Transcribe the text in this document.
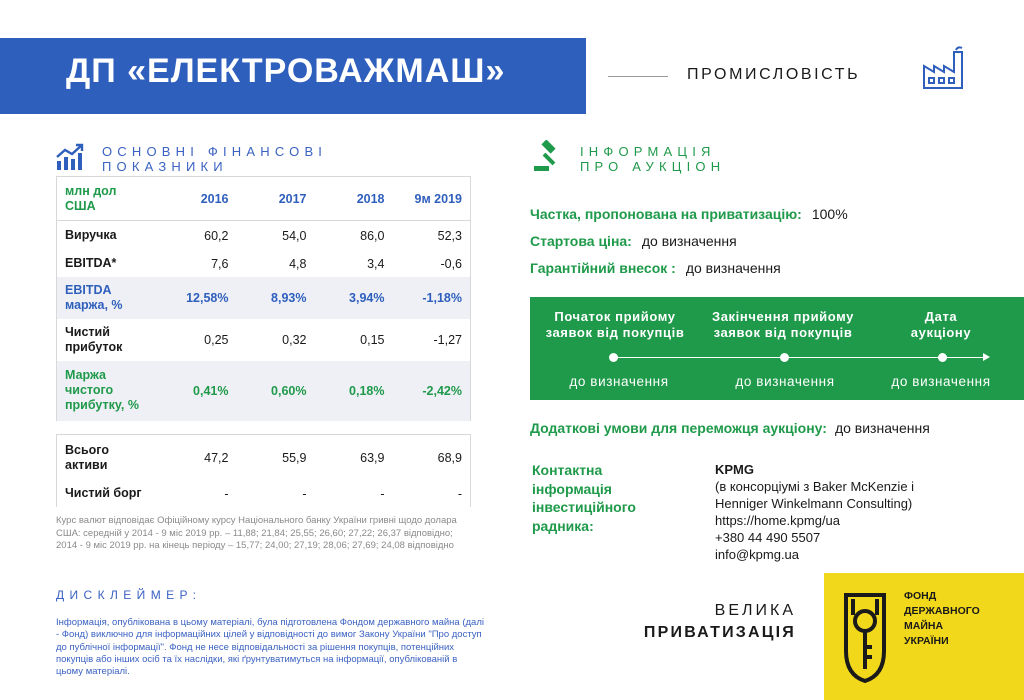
ДП «ЕЛЕКТРОВАЖМАШ»	ПРОМИСЛОВІСТЬ
ОСНОВНІ ФІНАНСОВІ
ПОКАЗНИКИ
млн дол
США	2016	2017	2018	9м 2019
Виручка	60,2	54,0	86,0	52,3
EBITDA*	7,6	4,8	3,4	-0,6

EBITDA
маржа, %	12,58%	8,93%	3,94%	-1,18%

Чистий
прибуток	0,25	0,32	0,15	-1,27

Маржа
чистого
прибутку, %	0,41%	0,60%	0,18%	-2,42%

Всього
активи	47,2	55,9	63,9	68,9
Чистий борг	-	-	-	-
Курс валют відповідає Офіційному курсу Національного банку України гривні щодо долара США: середній у 2014 - 9 міс 2019 рр. – 11,88; 21,84; 25,55; 26,60; 27,22; 26,37 відповідно; 2014 - 9 міс 2019 рр. на кінець періоду – 15,77; 24,00; 27,19; 28,06; 27,69; 24,08 відповідно
ДИСКЛЕЙМЕР:
Інформація, опублікована в цьому матеріалі, була підготовлена Фондом державного майна (далі - Фонд) виключно для інформаційних цілей у відповідності до вимог Закону України "Про доступ до публічної інформації". Фонд не несе відповідальності за рішення покупців, потенційних покупців або інших осіб та їх наслідки, які ґрунтуватимуться на інформації, опублікованій в цьому матеріалі.
ІНФОРМАЦІЯ
ПРО АУКЦІОН
Частка, пропонована на приватизацію: 100%
Стартова ціна: до визначення
Гарантійний внесок : до визначення
Початок прийому
заявок від покупців
Закінчення прийому
заявок від покупців
Дата
аукціону
до визначення	до визначення	до визначення
Додаткові умови для переможця аукціону: до визначення
Контактна
інформація
інвестиційного
радника:
KPMG
(в консорціумі з Baker McKenzie і
Henniger Winkelmann Consulting)
https://home.kpmg/ua
+380 44 490 5507
info@kpmg.ua
ВЕЛИКА
ПРИВАТИЗАЦІЯ
ФОНД
ДЕРЖАВНОГО
МАЙНА
УКРАЇНИ
